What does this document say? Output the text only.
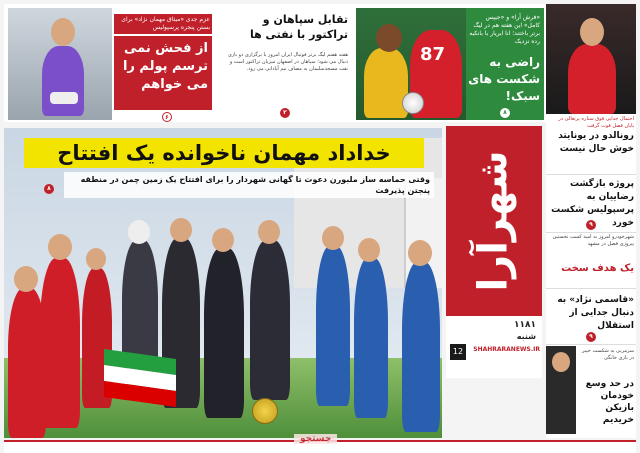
عزم جدی «میثاق مهمان نژاد» برای بستن پنجره پرسپولیس
از فحش نمی ترسم پولم را می خواهم
۶
تقابل سپاهان و تراکتور با نفتی ها
هفته هفتم لیگ برتر فوتبال ایران امروز با برگزاری دو بازی دنبال می شود؛ سپاهان در اصفهان میزبان تراکتور است و نفت مسجدسلیمان به مصاف تیم آبادانی می رود.
۲
87
«فرش آرا» و «جیپس کامل» این هفته هم در لیگ برتر باختند؛ انا ایریار با بانکیه رده نزدیک
راضی به شکست های سبک!
۸
خداداد مهمان ناخوانده یک افتتاح
وقتی حماسه ساز ملبورن دعوت تا گهانی شهردار را برای افتتاح یک زمین چمن در منطقه پنجتن پذیرفت
۸	شهرآرا
۱۱۸۱
شنبه
12	SHAHRARANEWS.IR
احتمال جدایی فوق ستاره پرتغالی در پایان فصل قوت گرفت
رونالدو در یونایتد خوش حال نیست
پروژه بازگشت رضاییان به پرسپولیس شکست خورد
۹
شهرخودرو امروز به امید کسب نخستین پیروزی فصل در مشهد
یک هدف سخت
«قاسمی نژاد» به دنبال جدایی از استقلال
۹
سرمربی به شکست خیبر در بازی خانگی
در حد وسع خودمان بازیکن خریدیم
جستجو
